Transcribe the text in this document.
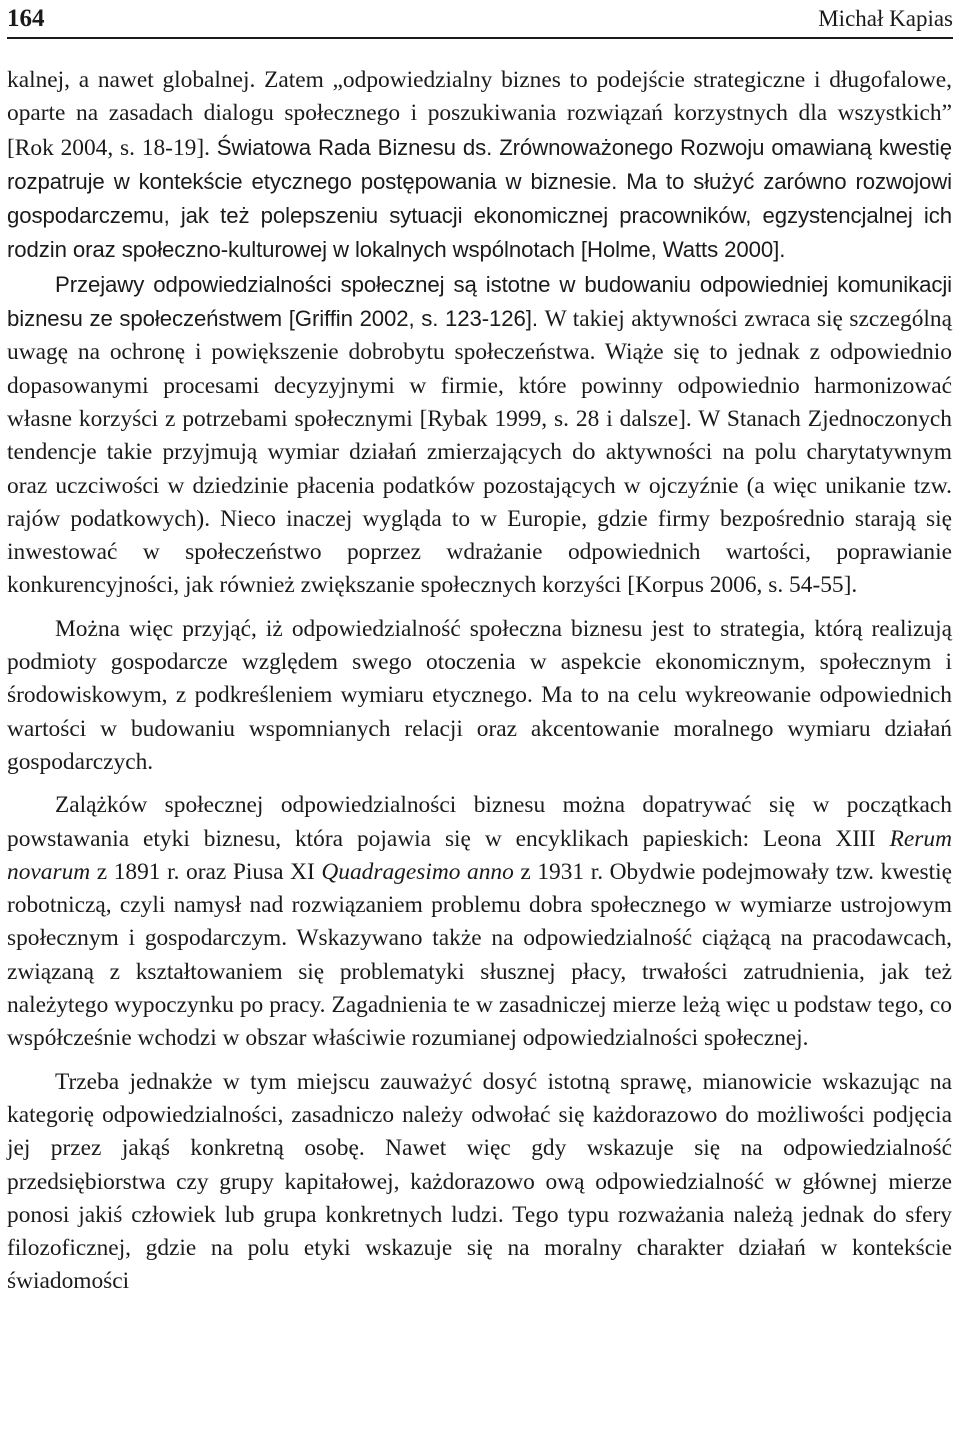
164	Michał Kapias

kalnej, a nawet globalnej. Zatem „odpowiedzialny biznes to podejście strategiczne i długofalowe, oparte na zasadach dialogu społecznego i poszukiwania rozwiązań korzystnych dla wszystkich” [Rok 2004, s. 18-19]. Światowa Rada Biznesu ds. Zrównoważonego Rozwoju omawianą kwestię rozpatruje w kontekście etycznego postępowania w biznesie. Ma to służyć zarówno rozwojowi gospodarczemu, jak też polepszeniu sytuacji ekonomicznej pracowników, egzystencjalnej ich rodzin oraz społeczno-kulturowej w lokalnych wspólnotach [Holme, Watts 2000].

Przejawy odpowiedzialności społecznej są istotne w budowaniu odpowiedniej komunikacji biznesu ze społeczeństwem [Griffin 2002, s. 123-126]. W takiej aktywności zwraca się szczególną uwagę na ochronę i powiększenie dobrobytu społeczeństwa. Wiąże się to jednak z odpowiednio dopasowanymi procesami decyzyjnymi w firmie, które powinny odpowiednio harmonizować własne korzyści z potrzebami społecznymi [Rybak 1999, s. 28 i dalsze]. W Stanach Zjednoczonych tendencje takie przyjmują wymiar działań zmierzających do aktywności na polu charytatywnym oraz uczciwości w dziedzinie płacenia podatków pozostających w ojczyźnie (a więc unikanie tzw. rajów podatkowych). Nieco inaczej wygląda to w Europie, gdzie firmy bezpośrednio starają się inwestować w społeczeństwo poprzez wdrażanie odpowiednich wartości, poprawianie konkurencyjności, jak również zwiększanie społecznych korzyści [Korpus 2006, s. 54-55].

Można więc przyjąć, iż odpowiedzialność społeczna biznesu jest to strategia, którą realizują podmioty gospodarcze względem swego otoczenia w aspekcie ekonomicznym, społecznym i środowiskowym, z podkreśleniem wymiaru etycznego. Ma to na celu wykreowanie odpowiednich wartości w budowaniu wspomnianych relacji oraz akcentowanie moralnego wymiaru działań gospodarczych.

Zalążków społecznej odpowiedzialności biznesu można dopatrywać się w początkach powstawania etyki biznesu, która pojawia się w encyklikach papieskich: Leona XIII Rerum novarum z 1891 r. oraz Piusa XI Quadragesimo anno z 1931 r. Obydwie podejmowały tzw. kwestię robotniczą, czyli namysł nad rozwiązaniem problemu dobra społecznego w wymiarze ustrojowym społecznym i gospodarczym. Wskazywano także na odpowiedzialność ciążącą na pracodawcach, związaną z kształtowaniem się problematyki słusznej płacy, trwałości zatrudnienia, jak też należytego wypoczynku po pracy. Zagadnienia te w zasadniczej mierze leżą więc u podstaw tego, co współcześnie wchodzi w obszar właściwie rozumianej odpowiedzialności społecznej.

Trzeba jednakże w tym miejscu zauważyć dosyć istotną sprawę, mianowicie wskazując na kategorię odpowiedzialności, zasadniczo należy odwołać się każdorazowo do możliwości podjęcia jej przez jakąś konkretną osobę. Nawet więc gdy wskazuje się na odpowiedzialność przedsiębiorstwa czy grupy kapitałowej, każdorazowo ową odpowiedzialność w głównej mierze ponosi jakiś człowiek lub grupa konkretnych ludzi. Tego typu rozważania należą jednak do sfery filozoficznej, gdzie na polu etyki wskazuje się na moralny charakter działań w kontekście świadomości
